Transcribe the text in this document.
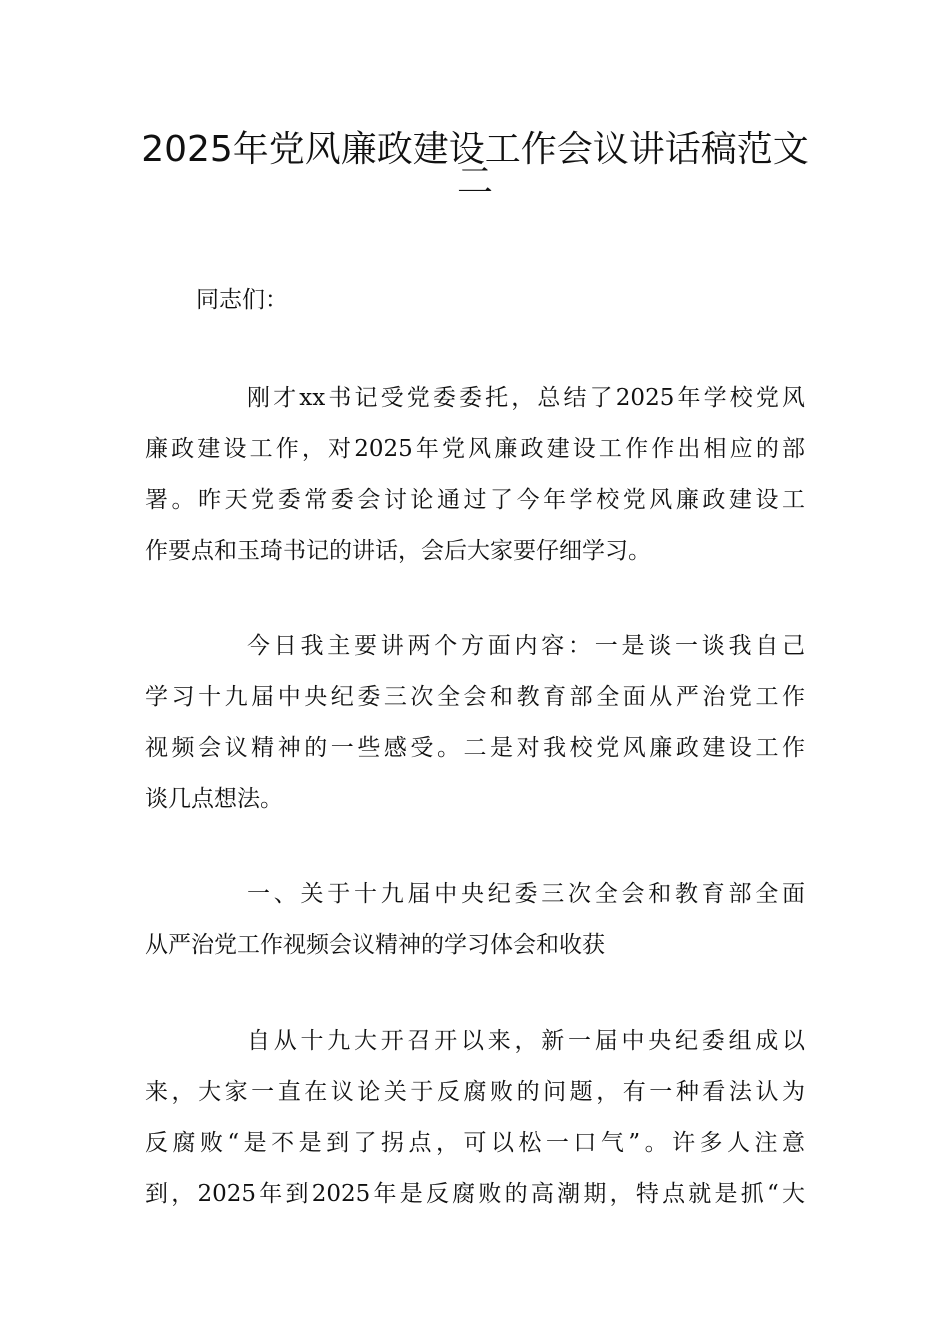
2025年党风廉政建设工作会议讲话稿范文
二

同志们：

刚才xx书记受党委委托，总结了2025年学校党风
廉政建设工作，对2025年党风廉政建设工作作出相应的部
署。昨天党委常委会讨论通过了今年学校党风廉政建设工
作要点和玉琦书记的讲话，会后大家要仔细学习。

今日我主要讲两个方面内容：一是谈一谈我自己
学习十九届中央纪委三次全会和教育部全面从严治党工作
视频会议精神的一些感受。二是对我校党风廉政建设工作
谈几点想法。

一、关于十九届中央纪委三次全会和教育部全面
从严治党工作视频会议精神的学习体会和收获

自从十九大开召开以来，新一届中央纪委组成以
来，大家一直在议论关于反腐败的问题，有一种看法认为
反腐败“是不是到了拐点，可以松一口气”。许多人注意
到，2025年到2025年是反腐败的高潮期，特点就是抓“大
